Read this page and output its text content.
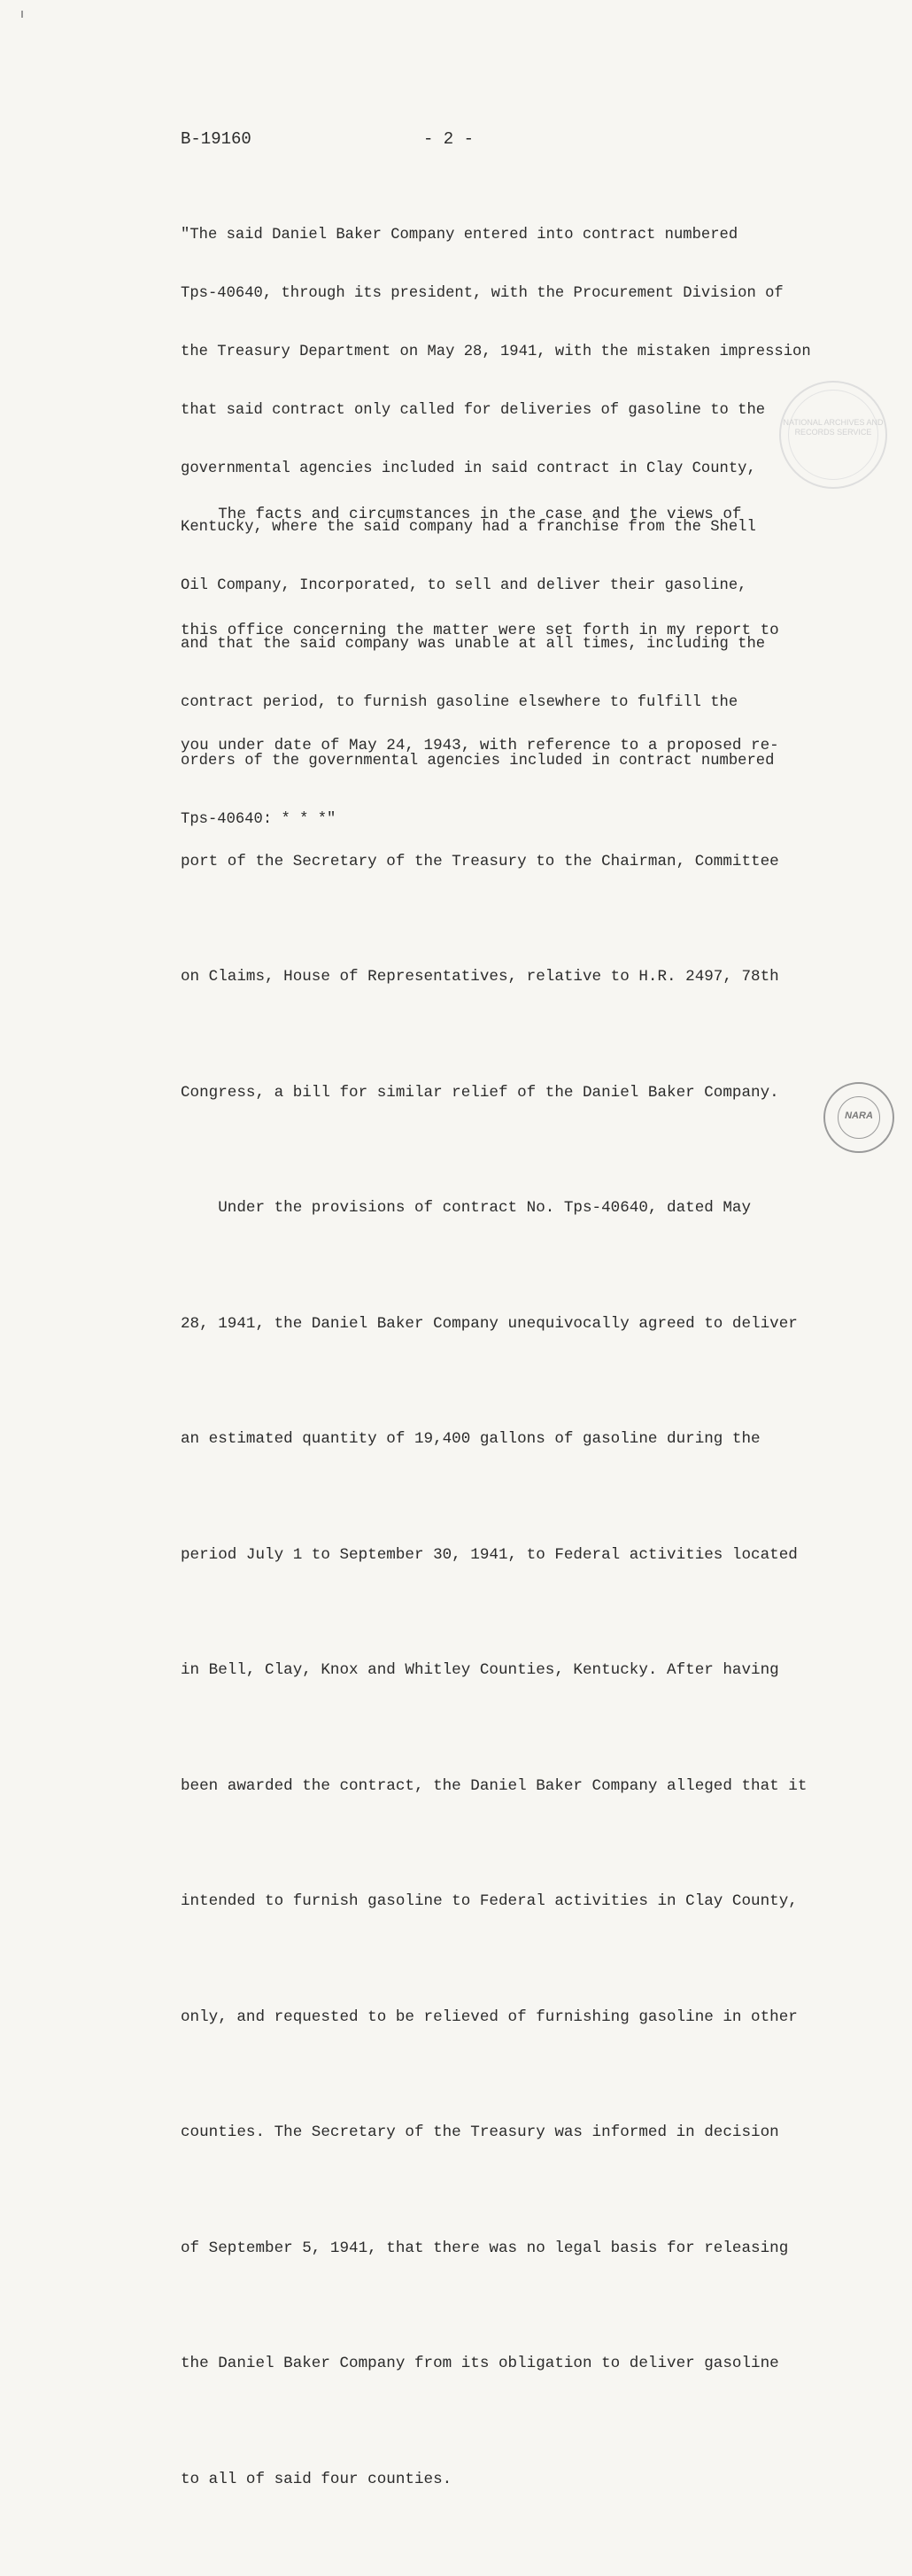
B-19160	- 2 -

"The said Daniel Baker Company entered into contract numbered

Tps-40640, through its president, with the Procurement Division of

the Treasury Department on May 28, 1941, with the mistaken impression

that said contract only called for deliveries of gasoline to the

governmental agencies included in said contract in Clay County,

Kentucky, where the said company had a franchise from the Shell

Oil Company, Incorporated, to sell and deliver their gasoline,

and that the said company was unable at all times, including the

contract period, to furnish gasoline elsewhere to fulfill the

orders of the governmental agencies included in contract numbered

Tps-40640: * * *"

The facts and circumstances in the case and the views of

this office concerning the matter were set forth in my report to

you under date of May 24, 1943, with reference to a proposed re-

port of the Secretary of the Treasury to the Chairman, Committee

on Claims, House of Representatives, relative to H.R. 2497, 78th

Congress, a bill for similar relief of the Daniel Baker Company.

Under the provisions of contract No. Tps-40640, dated May

28, 1941, the Daniel Baker Company unequivocally agreed to deliver

an estimated quantity of 19,400 gallons of gasoline during the

period July 1 to September 30, 1941, to Federal activities located

in Bell, Clay, Knox and Whitley Counties, Kentucky. After having

been awarded the contract, the Daniel Baker Company alleged that it

intended to furnish gasoline to Federal activities in Clay County,

only, and requested to be relieved of furnishing gasoline in other

counties. The Secretary of the Treasury was informed in decision

of September 5, 1941, that there was no legal basis for releasing

the Daniel Baker Company from its obligation to deliver gasoline

to all of said four counties.

NATIONAL ARCHIVES AND RECORDS SERVICE
NARA
